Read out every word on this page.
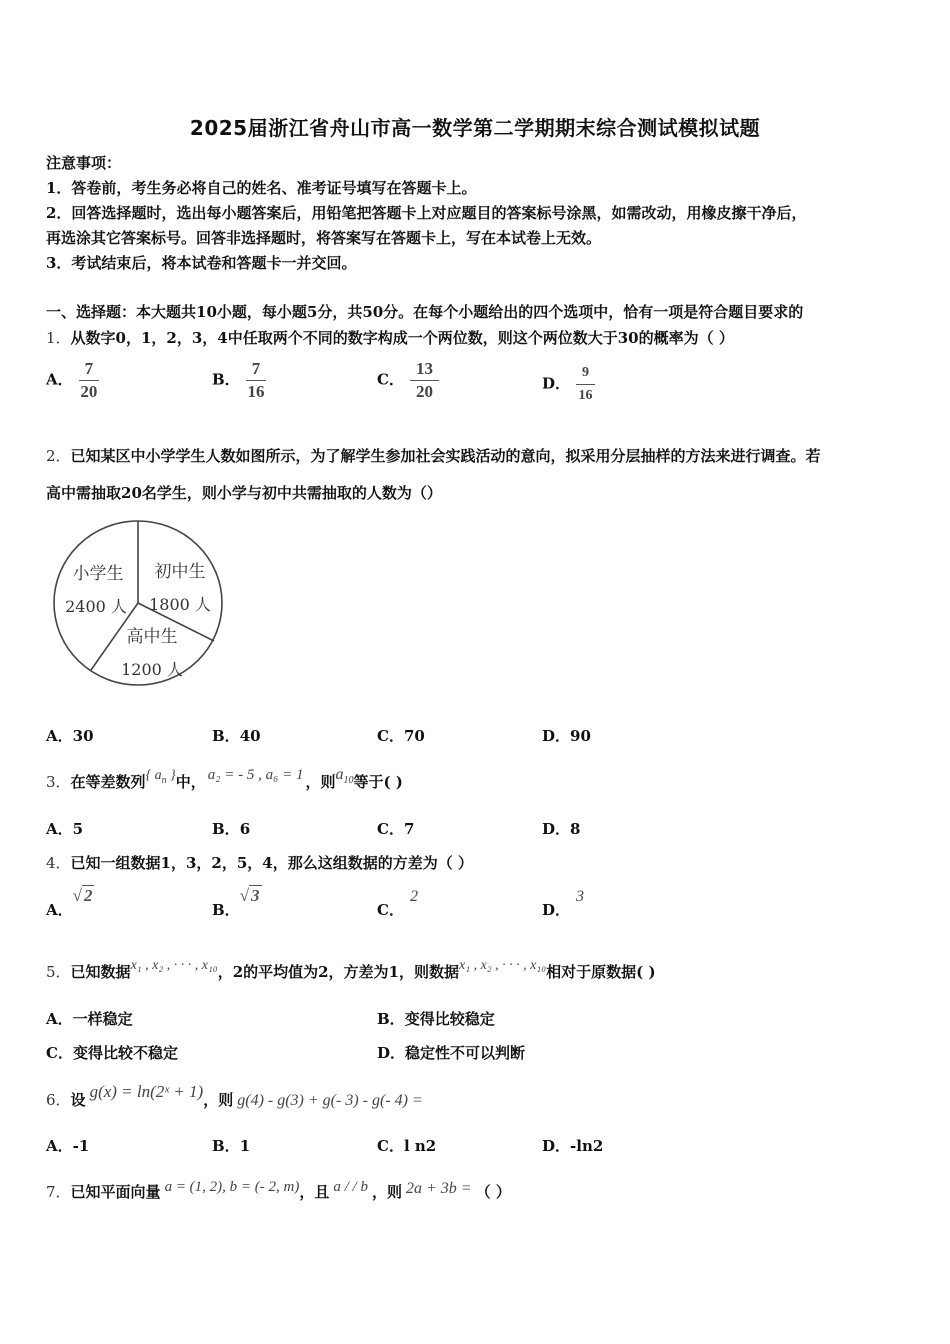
2025届浙江省舟山市高一数学第二学期期末综合测试模拟试题
注意事项：
1．答卷前，考生务必将自己的姓名、准考证号填写在答题卡上。
2．回答选择题时，选出每小题答案后，用铅笔把答题卡上对应题目的答案标号涂黑，如需改动，用橡皮擦干净后，
再选涂其它答案标号。回答非选择题时，将答案写在答题卡上，写在本试卷上无效。
3．考试结束后，将本试卷和答题卡一并交回。
一、选择题：本大题共10小题，每小题5分，共50分。在每个小题给出的四个选项中，恰有一项是符合题目要求的
1．从数字0，1，2，3，4中任取两个不同的数字构成一个两位数，则这个两位数大于30的概率为（ ）
A． $\frac{7}{20}$	B． $\frac{7}{16}$	C． $\frac{13}{20}$	D． $\frac{9}{16}$
2．已知某区中小学学生人数如图所示，为了解学生参加社会实践活动的意向，拟采用分层抽样的方法来进行调查。若
高中需抽取20名学生，则小学与初中共需抽取的人数为（）
小学生
2400 人
初中生
1800 人
高中生
1200 人
A．30	B．40	C．70	D．90
3．在等差数列{ $a_n$ }中， a₂ = - 5 , a₆ = 1 ，则$a_{10}$等于( )
A．5	B．6	C．7	D．8
4．已知一组数据1，3，2，5，4，那么这组数据的方差为（ ）
A．√ 2
B．√ 3
C．2
D．3
5．已知数据x₁ , x₂ , · · · , x₁₀，2的平均值为2，方差为1，则数据x₁ , x₂ , · · · , x₁₀相对于原数据( )
A．一样稳定	B．变得比较稳定
C．变得比较不稳定	D．稳定性不可以判断
6．设 g(x) = ln(2ˣ + 1)，则 g(4) - g(3) + g(- 3) - g(- 4) =
A．-1	B．1	C．l n2	D．-ln2
7．已知平面向量 a = (1, 2), b = (- 2, m)，且 a / / b ，则 2a + 3b = （ ）
